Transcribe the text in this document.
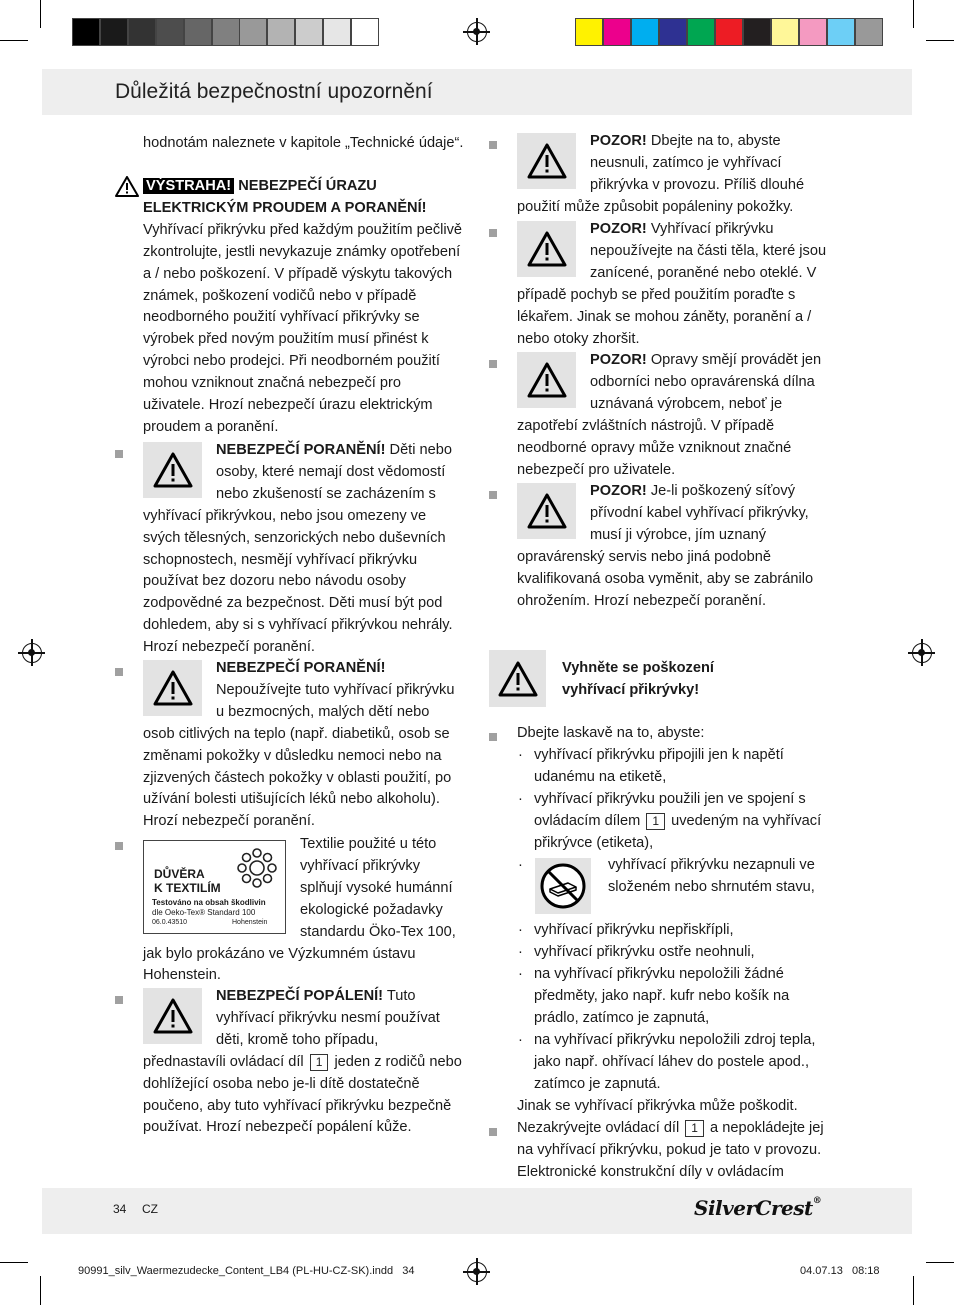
Důležitá bezpečnostní upozornění

hodnotám naleznete v kapitole „Technické údaje“.

VÝSTRAHA! NEBEZPEČÍ ÚRAZU ELEKTRICKÝM PROUDEM A PORANĚNÍ!

Vyhřívací přikrývku před každým použitím pečlivě zkontrolujte, jestli nevykazuje známky opotřebení a / nebo poškození. V případě výskytu takových známek, poškození vodičů nebo v případě neodborného použití vyhřívací přikrývky se výrobek před novým použitím musí přinést k výrobci nebo prodejci. Při neodborném použití mohou vzniknout značná nebezpečí pro uživatele. Hrozí nebezpečí úrazu elektrickým proudem a poranění.

NEBEZPEČÍ PORANĚNÍ! Děti nebo osoby, které nemají dost vědomostí nebo zkušeností se zacházením s vyhřívací přikrývkou, nebo jsou omezeny ve svých tělesných, senzorických nebo duševních schopnostech, nesmějí vyhřívací přikrývku používat bez dozoru nebo návodu osoby zodpovědné za bezpečnost. Děti musí být pod dohledem, aby si s vyhřívací přikrývkou nehrály. Hrozí nebezpečí poranění.

NEBEZPEČÍ PORANĚNÍ! Nepoužívejte tuto vyhřívací přikrývku u bezmocných, malých dětí nebo osob citlivých na teplo (např. diabetiků, osob se změnami pokožky v důsledku nemoci nebo na zjizvených částech pokožky v oblasti použití, po užívání bolesti utišujících léků nebo alkoholu). Hrozí nebezpečí poranění.

DŮVĚRA
K TEXTILÍM
Testováno na obsah škodlivin
dle Oeko-Tex® Standard 100
06.0.43510	Hohenstein

Textilie použité u této vyhřívací přikrývky splňují vysoké humánní ekologické požadavky standardu Öko-Tex 100, jak bylo prokázáno ve Výzkumném ústavu Hohenstein.

NEBEZPEČÍ POPÁLENÍ! Tuto vyhřívací přikrývku nesmí používat děti, kromě toho případu, přednastavíli ovládací díl 1 jeden z rodičů nebo dohlížející osoba nebo je-li dítě dostatečně poučeno, aby tuto vyhřívací přikrývku bezpečně používat. Hrozí nebezpečí popálení kůže.

POZOR! Dbejte na to, abyste neusnuli, zatímco je vyhřívací přikrývka v provozu. Příliš dlouhé použití může způsobit popáleniny pokožky.

POZOR! Vyhřívací přikrývku nepoužívejte na části těla, které jsou zanícené, poraněné nebo oteklé. V případě pochyb se před použitím poraďte s lékařem. Jinak se mohou záněty, poranění a / nebo otoky zhoršit.

POZOR! Opravy smějí provádět jen odborníci nebo opravárenská dílna uznávaná výrobcem, neboť je zapotřebí zvláštních nástrojů. V případě neodborné opravy může vzniknout značné nebezpečí pro uživatele.

POZOR! Je-li poškozený síťový přívodní kabel vyhřívací přikrývky, musí ji výrobce, jím uznaný opravárenský servis nebo jiná podobně kvalifikovaná osoba vyměnit, aby se zabránilo ohrožením. Hrozí nebezpečí poranění.

Vyhněte se poškození vyhřívací přikrývky!
Dbejte laskavě na to, abyste:
· vyhřívací přikrývku připojili jen k napětí udanému na etiketě,
· vyhřívací přikrývku použili jen ve spojení s ovládacím dílem 1 uvedeným na vyhřívací přikrývce (etiketa),
·	vyhřívací přikrývku nezapnuli ve složeném nebo shrnutém stavu,
· vyhřívací přikrývku nepřiskřípli,
· vyhřívací přikrývku ostře neohnuli,
· na vyhřívací přikrývku nepoložili žádné předměty, jako např. kufr nebo košík na prádlo, zatímco je zapnutá,
· na vyhřívací přikrývku nepoložili zdroj tepla, jako např. ohřívací láhev do postele apod., zatímco je zapnutá.
Jinak se vyhřívací přikrývka může poškodit.
Nezakrývejte ovládací díl 1 a nepokládejte jej na vyhřívací přikrývku, pokud je tato v provozu. Elektronické konstrukční díly v ovládacím
34 CZ	SilverCrest®
90991_silv_Waermezudecke_Content_LB4 (PL-HU-CZ-SK).indd   34	04.07.13   08:18
